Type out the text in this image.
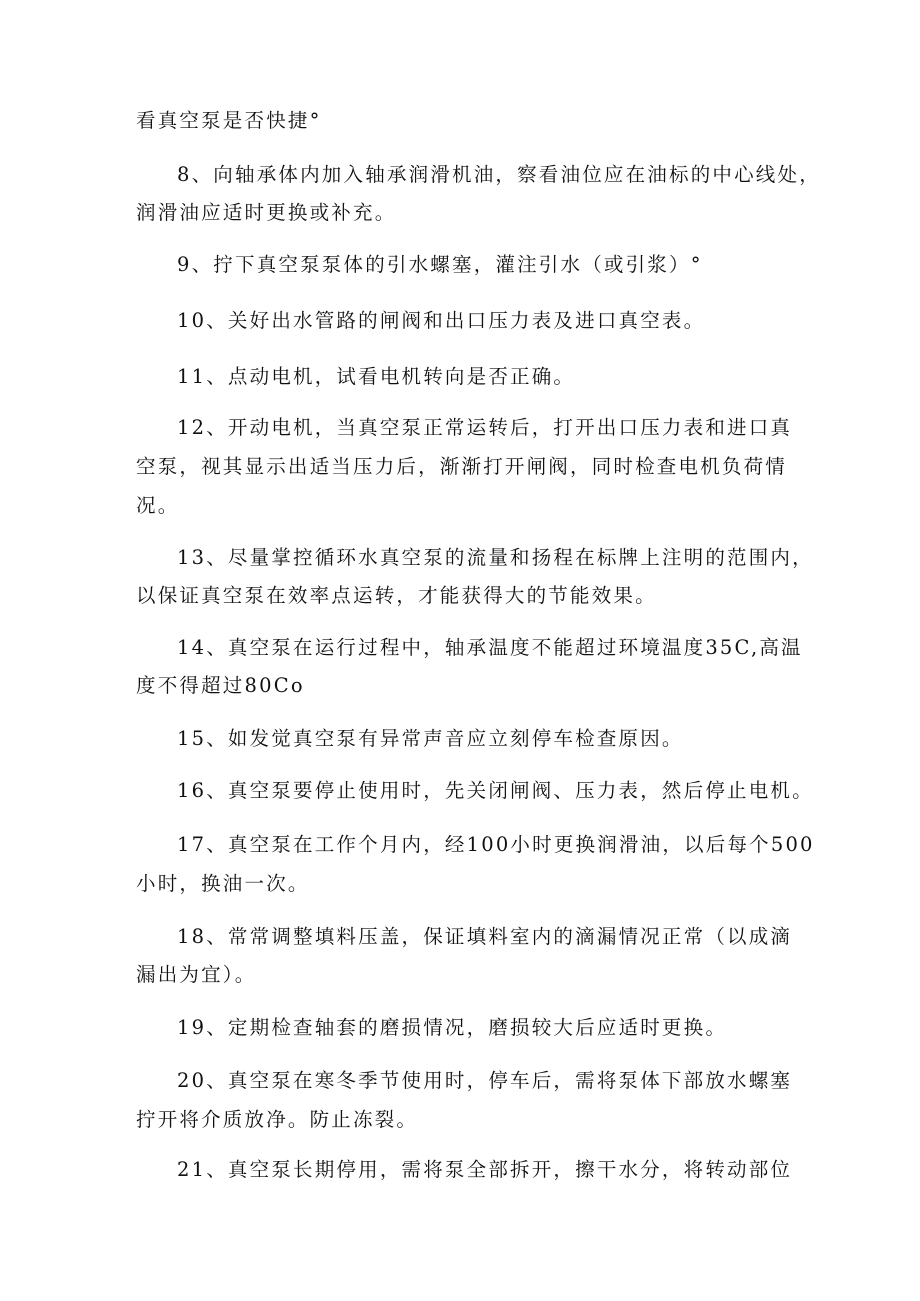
看真空泵是否快捷°
8、向轴承体内加入轴承润滑机油，察看油位应在油标的中心线处，
润滑油应适时更换或补充。
9、拧下真空泵泵体的引水螺塞，灌注引水（或引浆）°
10、关好出水管路的闸阀和出口压力表及进口真空表。
11、点动电机，试看电机转向是否正确。
12、开动电机，当真空泵正常运转后，打开出口压力表和进口真
空泵，视其显示出适当压力后，渐渐打开闸阀，同时检查电机负荷情
况。
13、尽量掌控循环水真空泵的流量和扬程在标牌上注明的范围内，
以保证真空泵在效率点运转，才能获得大的节能效果。
14、真空泵在运行过程中，轴承温度不能超过环境温度35C,高温
度不得超过80Co
15、如发觉真空泵有异常声音应立刻停车检查原因。
16、真空泵要停止使用时，先关闭闸阀、压力表，然后停止电机。
17、真空泵在工作个月内，经100小时更换润滑油，以后每个500
小时，换油一次。
18、常常调整填料压盖，保证填料室内的滴漏情况正常（以成滴
漏出为宜）。
19、定期检查轴套的磨损情况，磨损较大后应适时更换。
20、真空泵在寒冬季节使用时，停车后，需将泵体下部放水螺塞
拧开将介质放净。防止冻裂。
21、真空泵长期停用，需将泵全部拆开，擦干水分，将转动部位
